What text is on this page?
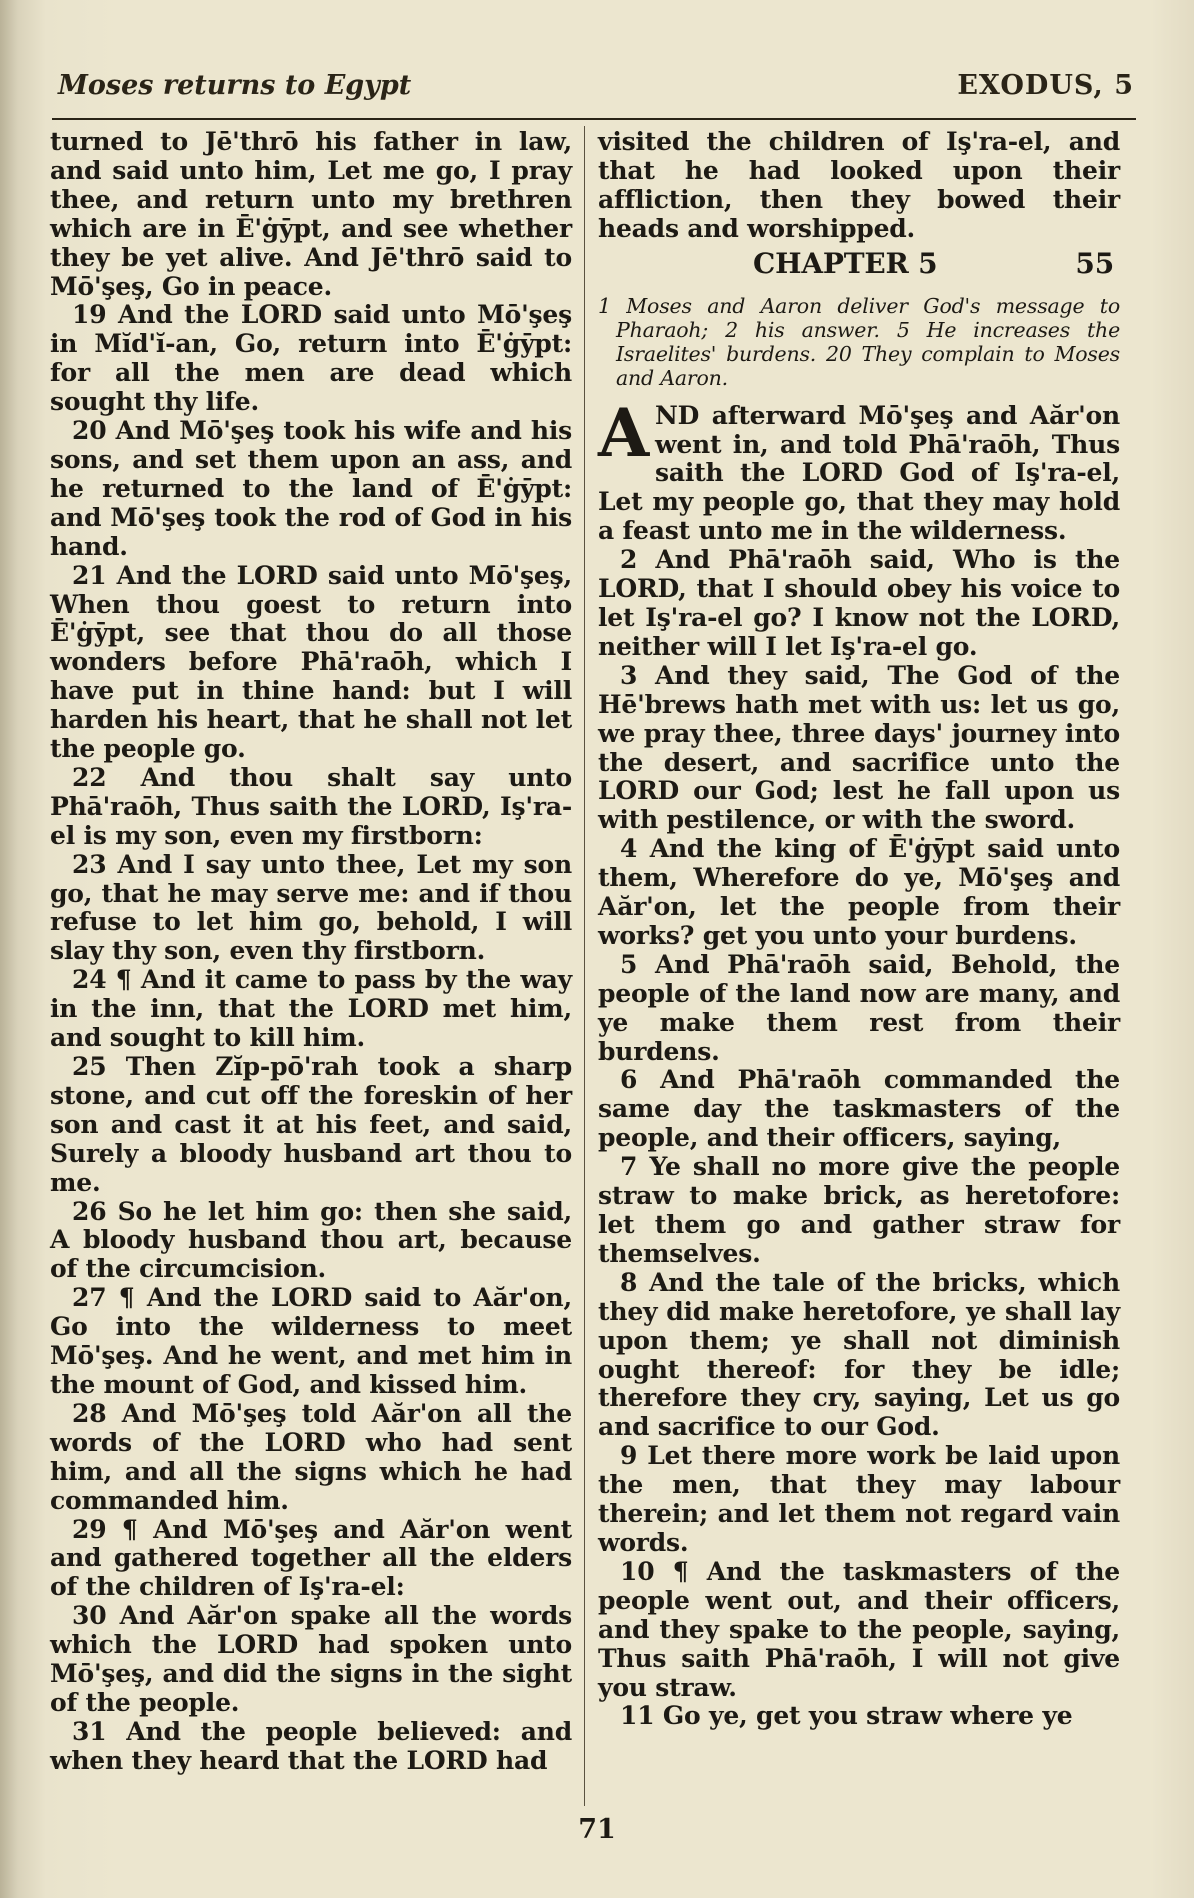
Moses returns to Egypt	EXODUS, 5

turned to Jē'thrō his father in law, and said unto him, Let me go, I pray thee, and return unto my brethren which are in Ē'ġȳpt, and see whether they be yet alive. And Jē'thrō said to Mō'şeş, Go in peace.

19 And the LORD said unto Mō'şeş in Mĭd'ĭ-an, Go, return into Ē'ġȳpt: for all the men are dead which sought thy life.

20 And Mō'şeş took his wife and his sons, and set them upon an ass, and he returned to the land of Ē'ġȳpt: and Mō'şeş took the rod of God in his hand.

21 And the LORD said unto Mō'şeş, When thou goest to return into Ē'ġȳpt, see that thou do all those wonders before Phā'raōh, which I have put in thine hand: but I will harden his heart, that he shall not let the people go.

22 And thou shalt say unto Phā'raōh, Thus saith the LORD, Iş'ra-el is my son, even my firstborn:

23 And I say unto thee, Let my son go, that he may serve me: and if thou refuse to let him go, behold, I will slay thy son, even thy firstborn.

24 ¶ And it came to pass by the way in the inn, that the LORD met him, and sought to kill him.

25 Then Zĭp-pō'rah took a sharp stone, and cut off the foreskin of her son and cast it at his feet, and said, Surely a bloody husband art thou to me.

26 So he let him go: then she said, A bloody husband thou art, because of the circumcision.

27 ¶ And the LORD said to Aăr'on, Go into the wilderness to meet Mō'şeş. And he went, and met him in the mount of God, and kissed him.

28 And Mō'şeş told Aăr'on all the words of the LORD who had sent him, and all the signs which he had commanded him.

29 ¶ And Mō'şeş and Aăr'on went and gathered together all the elders of the children of Iş'ra-el:

30 And Aăr'on spake all the words which the LORD had spoken unto Mō'şeş, and did the signs in the sight of the people.

31 And the people believed: and when they heard that the LORD had

visited the children of Iş'ra-el, and that he had looked upon their affliction, then they bowed their heads and worshipped.

CHAPTER 5	55

1 Moses and Aaron deliver God's message to Pharaoh; 2 his answer. 5 He increases the Israelites' burdens. 20 They complain to Moses and Aaron.

A ND afterward Mō'şeş and Aăr'on went in, and told Phā'raōh, Thus saith the LORD God of Iş'ra-el, Let my people go, that they may hold a feast unto me in the wilderness.

2 And Phā'raōh said, Who is the LORD, that I should obey his voice to let Iş'ra-el go? I know not the LORD, neither will I let Iş'ra-el go.

3 And they said, The God of the Hē'brews hath met with us: let us go, we pray thee, three days' journey into the desert, and sacrifice unto the LORD our God; lest he fall upon us with pestilence, or with the sword.

4 And the king of Ē'ġȳpt said unto them, Wherefore do ye, Mō'şeş and Aăr'on, let the people from their works? get you unto your burdens.

5 And Phā'raōh said, Behold, the people of the land now are many, and ye make them rest from their burdens.

6 And Phā'raōh commanded the same day the taskmasters of the people, and their officers, saying,

7 Ye shall no more give the people straw to make brick, as heretofore: let them go and gather straw for themselves.

8 And the tale of the bricks, which they did make heretofore, ye shall lay upon them; ye shall not diminish ought thereof: for they be idle; therefore they cry, saying, Let us go and sacrifice to our God.

9 Let there more work be laid upon the men, that they may labour therein; and let them not regard vain words.

10 ¶ And the taskmasters of the people went out, and their officers, and they spake to the people, saying, Thus saith Phā'raōh, I will not give you straw.

11 Go ye, get you straw where ye

71
